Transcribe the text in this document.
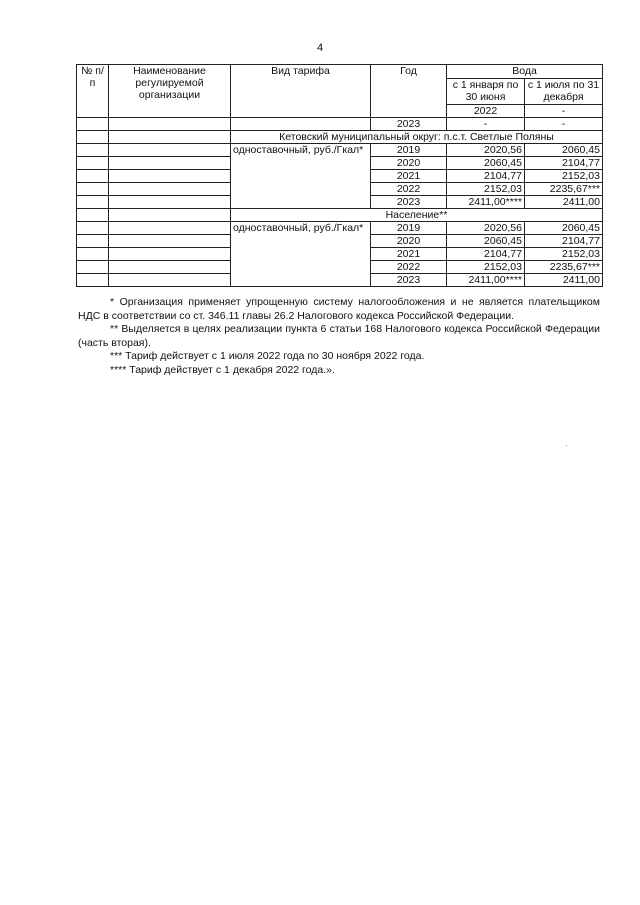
4
№ п/п	Наименование регулируемой организации	Вид тарифа	Год	Вода		
				с 1 января по 30 июня	с 1 июля по 31 декабря	
				2022	-	
			2023	-	-	
		Кетовский муниципальный округ: п.с.т. Светлые Поляны				
		одноставочный, руб./Гкал*	2019	2020,56	2060,45	
			2020	2060,45	2104,77	
			2021	2104,77	2152,03	
			2022	2152,03	2235,67***	
			2023	2411,00****	2411,00	
		Население**				
		одноставочный, руб./Гкал*	2019	2020,56	2060,45	
			2020	2060,45	2104,77	
			2021	2104,77	2152,03	
			2022	2152,03	2235,67***	
			2023	2411,00****	2411,00	

* Организация применяет упрощенную систему налогообложения и не является плательщиком НДС в соответствии со ст. 346.11 главы 26.2 Налогового кодекса Российской Федерации.

** Выделяется в целях реализации пункта 6 статьи 168 Налогового кодекса Российской Федерации (часть вторая).

*** Тариф действует с 1 июля 2022 года по 30 ноября 2022 года.

**** Тариф действует с 1 декабря 2022 года.».
